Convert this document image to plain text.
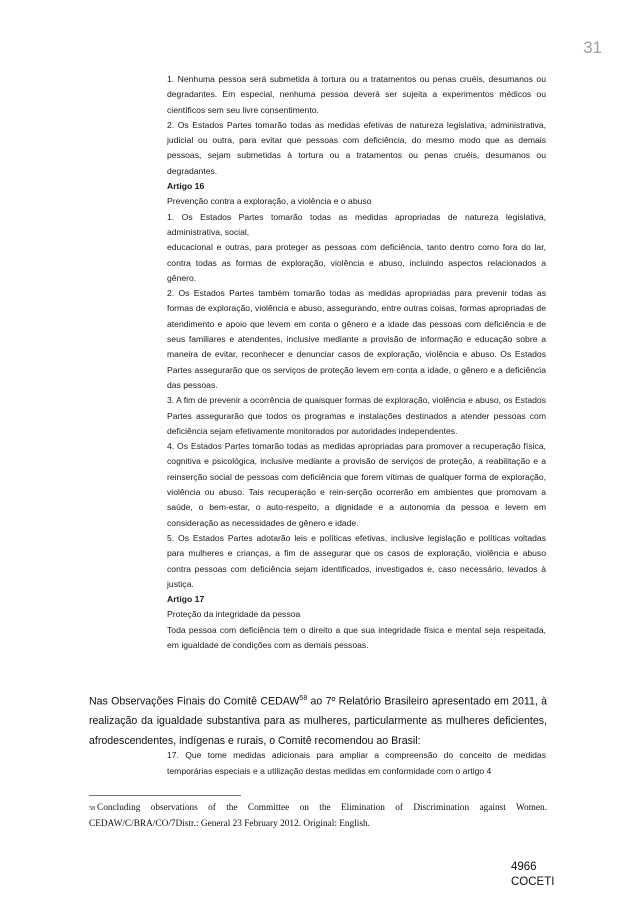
31

1. Nenhuma pessoa será submetida à tortura ou a tratamentos ou penas cruéis, desumanos ou degradantes. Em especial, nenhuma pessoa deverá ser sujeita a experimentos médicos ou científicos sem seu livre consentimento.

2. Os Estados Partes tomarão todas as medidas efetivas de natureza legislativa, administrativa, judicial ou outra, para evitar que pessoas com deficiência, do mesmo modo que as demais pessoas, sejam submetidas à tortura ou a tratamentos ou penas cruéis, desumanos ou degradantes.

Artigo 16

Prevenção contra a exploração, a violência e o abuso

1. Os Estados Partes tomarão todas as medidas apropriadas de natureza legislativa, administrativa, social,

educacional e outras, para proteger as pessoas com deficiência, tanto dentro como fora do lar, contra todas as formas de exploração, violência e abuso, incluindo aspectos relacionados a gênero.

2. Os Estados Partes também tomarão todas as medidas apropriadas para prevenir todas as formas de exploração, violência e abuso, assegurando, entre outras coisas, formas apropriadas de atendimento e apoio que levem em conta o gênero e a idade das pessoas com deficiência e de seus familiares e atendentes, inclusive mediante a provisão de informação e educação sobre a maneira de evitar, reconhecer e denunciar casos de exploração, violência e abuso. Os Estados Partes assegurarão que os serviços de proteção levem em conta a idade, o gênero e a deficiência das pessoas.

3. A fim de prevenir a ocorrência de quaisquer formas de exploração, violência e abuso, os Estados Partes assegurarão que todos os programas e instalações destinados a atender pessoas com deficiência sejam efetivamente monitorados por autoridades independentes.

4. Os Estados Partes tomarão todas as medidas apropriadas para promover a recuperação física, cognitiva e psicológica, inclusive mediante a provisão de serviços de proteção, a reabilitação e a reinserção social de pessoas com deficiência que forem vítimas de qualquer forma de exploração, violência ou abuso. Tais recuperação e rein-serção ocorrerão em ambientes que promovam a saúde, o bem-estar, o auto-respeito, a dignidade e a autonomia da pessoa e levem em consideração as necessidades de gênero e idade.

5. Os Estados Partes adotarão leis e políticas efetivas, inclusive legislação e políticas voltadas para mulheres e crianças, a fim de assegurar que os casos de exploração, violência e abuso contra pessoas com deficiência sejam identificados, investigados e, caso necessário, levados à justiça.

Artigo 17

Proteção da integridade da pessoa

Toda pessoa com deficiência tem o direito a que sua integridade física e mental seja respeitada, em igualdade de condições com as demais pessoas.

Nas Observações Finais do Comitê CEDAW$^{58}$ ao 7º Relatório Brasileiro apresentado em 2011, à realização da igualdade substantiva para as mulheres, particularmente as mulheres deficientes, afrodescendentes, indígenas e rurais, o Comitê recomendou ao Brasil:

17. Que tome medidas adicionais para ampliar a compreensão do conceito de medidas temporárias especiais e a utilização destas medidas em conformidade com o artigo 4

$^{58}$ Concluding observations of the Committee on the Elimination of Discrimination against Women. CEDAW/C/BRA/CO/7Distr.: General 23 February 2012. Original: English.

4966
COCETI
